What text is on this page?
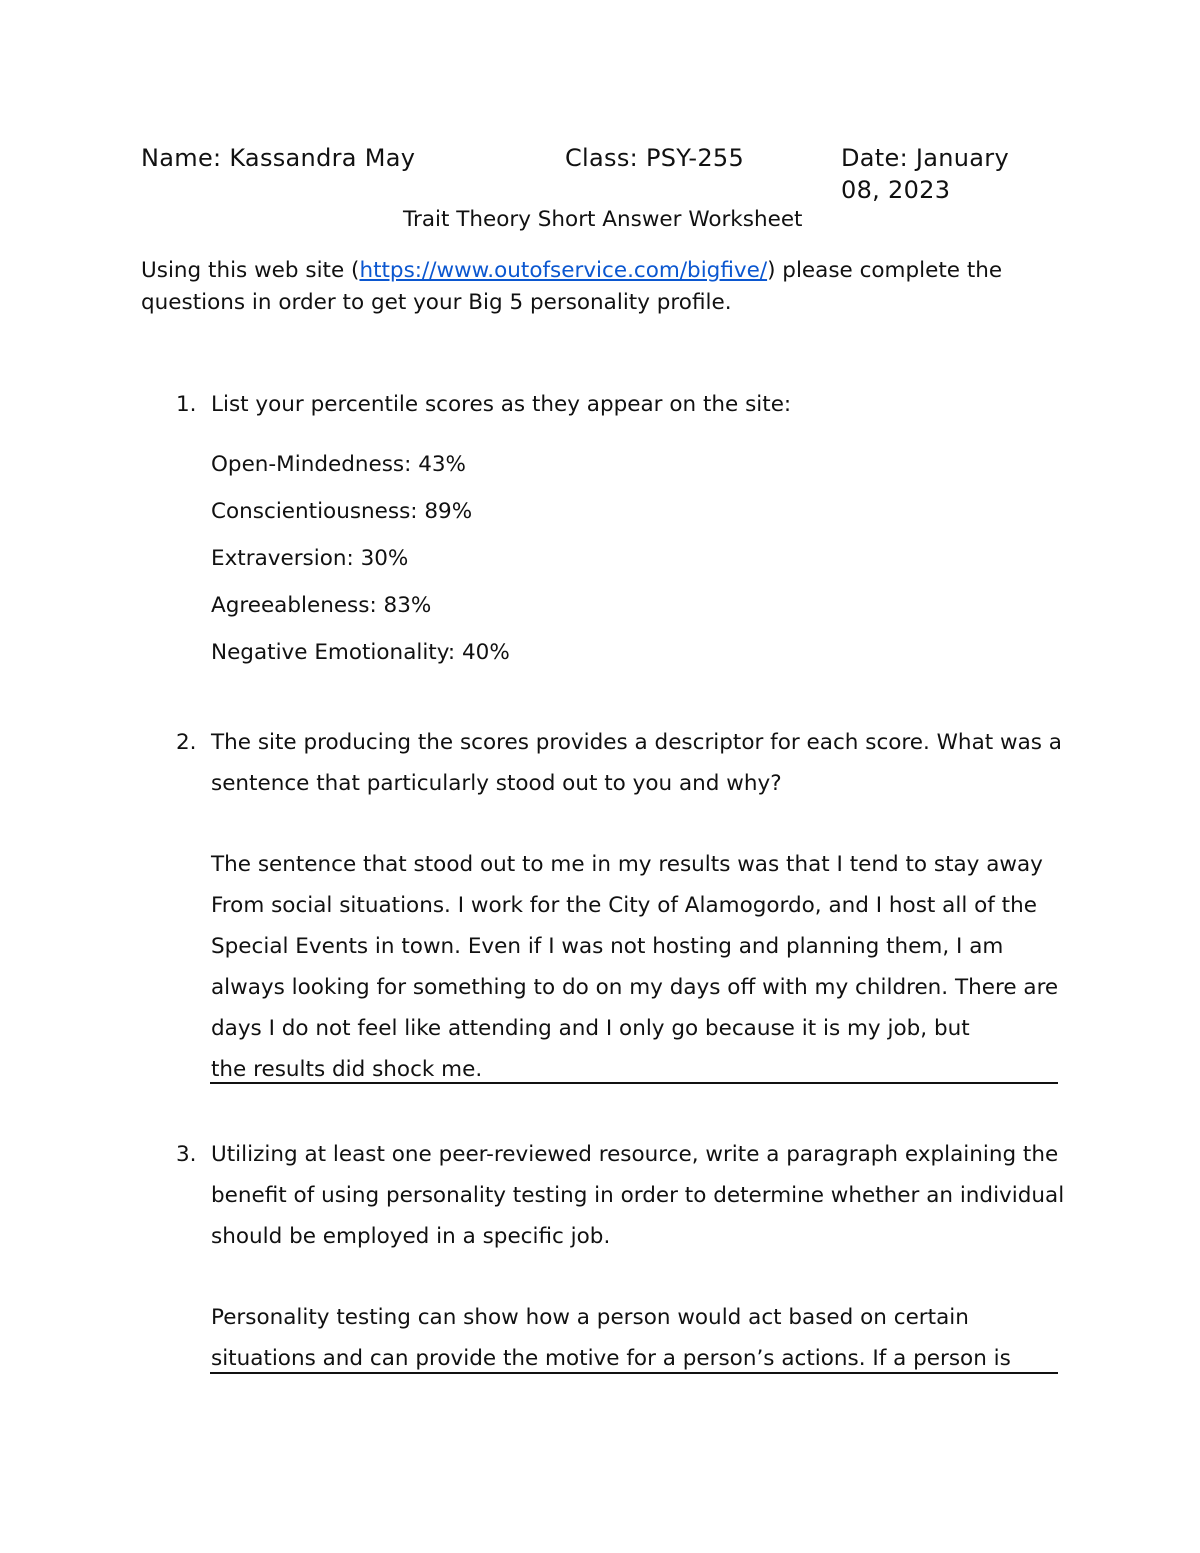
Name: Kassandra May	Class: PSY-255	Date: January
08, 2023
Trait Theory Short Answer Worksheet
Using this web site (https://www.outofservice.com/bigfive/) please complete the
questions in order to get your Big 5 personality profile.
1. List your percentile scores as they appear on the site:
Open-Mindedness: 43%
Conscientiousness: 89%
Extraversion: 30%
Agreeableness: 83%
Negative Emotionality: 40%
2. The site producing the scores provides a descriptor for each score. What was a
sentence that particularly stood out to you and why?
The sentence that stood out to me in my results was that I tend to stay away
From social situations. I work for the City of Alamogordo, and I host all of the
Special Events in town. Even if I was not hosting and planning them, I am
always looking for something to do on my days off with my children. There are
days I do not feel like attending and I only go because it is my job, but
the results did shock me.
3. Utilizing at least one peer-reviewed resource, write a paragraph explaining the
benefit of using personality testing in order to determine whether an individual
should be employed in a specific job.
Personality testing can show how a person would act based on certain
situations and can provide the motive for a person’s actions. If a person is
